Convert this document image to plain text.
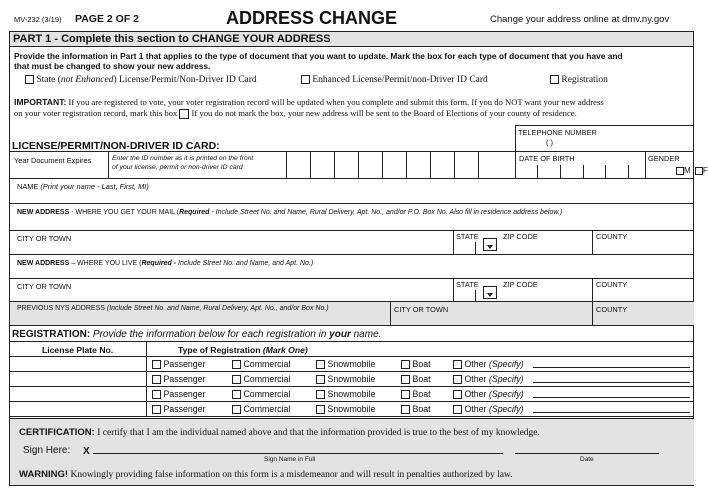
MV-232 (3/19) PAGE 2 OF 2	ADDRESS CHANGE	Change your address online at dmv.ny.gov
PART 1 - Complete this section to CHANGE YOUR ADDRESS
Provide the information in Part 1 that applies to the type of document that you want to update. Mark the box for each type of document that you have and
that must be changed to show your new address.
State (not Enhanced) License/Permit/Non-Driver ID Card	Enhanced License/Permit/non-Driver ID Card	Registration
IMPORTANT: If you are registered to vote, your voter registration record will be updated when you complete and submit this form. If you do NOT want your new address
on your voter registration record, mark this box  If you do not mark the box, your new address will be sent to the Board of Elections of your county of residence.
TELEPHONE NUMBER
( )
LICENSE/PERMIT/NON-DRIVER ID CARD:
Year Document Expires	Enter the ID number as it is printed on the front
of your license, permit or non-driver ID card
DATE OF BIRTH	GENDER
M F
NAME (Print your name - Last, First, MI)
NEW ADDRESS - WHERE YOU GET YOUR MAIL (Required - Include Street No. and Name, Rural Delivery, Apt. No., and/or P.O. Box No. Also fill in residence address below.)
CITY OR TOWN	STATE	ZIP CODE	COUNTY
NEW ADDRESS – WHERE YOU LIVE (Required - Include Street No. and Name, and Apt. No.)
CITY OR TOWN	STATE	ZIP CODE	COUNTY
PREVIOUS NYS ADDRESS (Include Street No. and Name, Rural Delivery, Apt. No., and/or Box No.)	CITY OR TOWN	COUNTY
REGISTRATION: Provide the information below for each registration in your name.
License Plate No.	Type of Registration (Mark One)
Passenger	Commercial	Snowmobile	Boat	Other (Specify)
Passenger	Commercial	Snowmobile	Boat	Other (Specify)
Passenger	Commercial	Snowmobile	Boat	Other (Specify)
Passenger	Commercial	Snowmobile	Boat	Other (Specify)
CERTIFICATION: I certify that I am the individual named above and that the information provided is true to the best of my knowledge.
Sign Here: X
Sign Name in Full	Date
WARNING! Knowingly providing false information on this form is a misdemeanor and will result in penalties authorized by law.
